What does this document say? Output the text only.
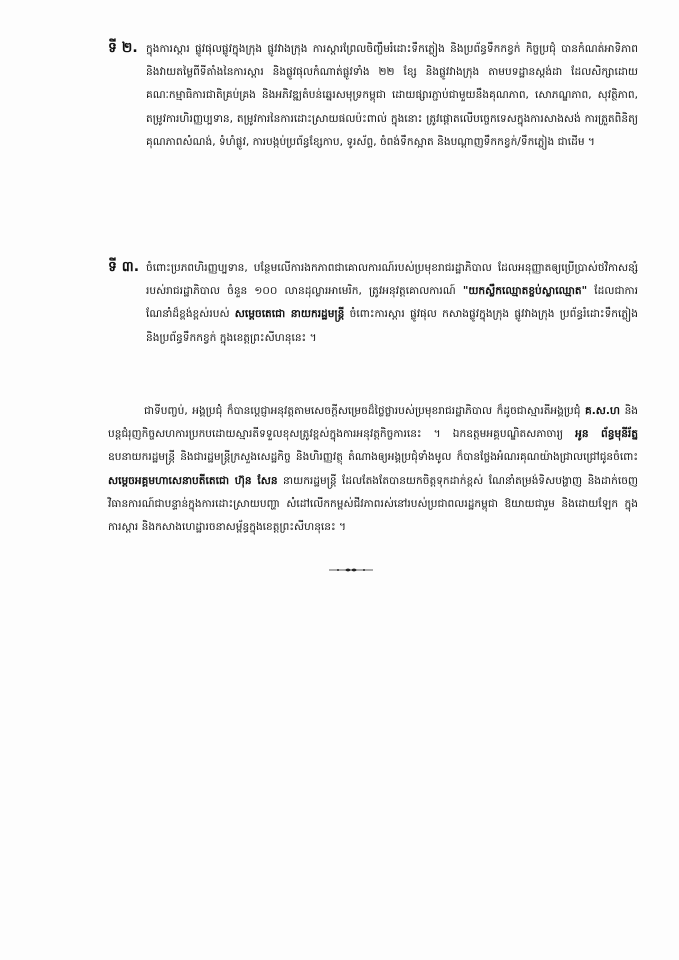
ទី ២. ក្នុងការស្តារ ផ្លូវផុលផ្លូវក្នុងក្រុង ផ្លូវវាងក្រុង ការស្តារព្រែលចិញ្ចឹមរំដោះទឹកភ្លៀង និងប្រព័ន្ធទឹកកខ្វក់ កិច្ចប្រជុំ បានកំណត់អាទិភាព និងវាយតម្លៃពីទីតាំងនៃការស្តារ និងផ្លូវផុលកំណាត់ផ្លូវទាំង ២២ ខ្សែ និងផ្លូវវាងក្រុង តាមបទដ្ឋានស្តង់ដា ដែលសិក្សាដោយគណៈកម្មាធិការជាតិគ្រប់គ្រង និងអភិវឌ្ឍតំបន់ឆ្នេរសមុទ្រកម្ពុជា ដោយផ្សារភ្ជាប់ជាមួយនឹងគុណភាព, សោភណ្ឌភាព, សុវត្ថិភាព, តម្រូវការហិរញ្ញប្បទាន, តម្រូវការនៃការដោះស្រាយផលប៉ះពាល់ ក្នុងនោះ ត្រូវផ្តោតលើបច្ចេកទេសក្នុងការសាងសង់ ការត្រួតពិនិត្យគុណភាពសំណង់, ទំហំផ្លូវ, ការបង្កប់ប្រព័ន្ធខ្សែកាប, ទូរស័ព្ទ, ចំពង់ទឹកស្អាត និងបណ្តាញទឹកកខ្វក់/ទឹកភ្លៀង ជាដើម ។
ទី ៣. ចំពោះប្រភពហិរញ្ញប្បទាន, បន្ថែមលើការងកភាពជាគោលការណ៍របស់ប្រមុខរាជរដ្ឋាភិបាល ដែលអនុញ្ញាតឲ្យប្រើប្រាស់ថវិកាសន្សំរបស់រាជរដ្ឋាភិបាល ចំនួន ១០០ លានដុល្លារអាមេរិក, ត្រូវអនុវត្តគោលការណ៍ "យកស្លឹកឈ្មោតខ្ចប់ស្លាឈ្មោត" ដែលជាការណែនាំដ៏ខ្ពង់ខ្ពស់របស់ សម្តេចតេជោ នាយករដ្ឋមន្ត្រី ចំពោះការស្តារ ផ្លូវផុល កសាងផ្លូវក្នុងក្រុង ផ្លូវវាងក្រុង ប្រព័ន្ធរំដោះទឹកភ្លៀង និងប្រព័ន្ធទឹកកខ្វក់ ក្នុងខេត្តព្រះសីហនុនេះ ។
ជាទីបញ្ចប់, អង្គប្រជុំ ក៏បានប្តេជ្ញាអនុវត្តតាមសេចក្តីសម្រេចដ៏ថ្លៃថ្លារបស់ប្រមុខរាជរដ្ឋាភិបាល ក៏ដូចជាស្មារតីអង្គប្រជុំ គ.ស.ហ និងបន្តជំរុញកិច្ចសហការប្រកបដោយស្មារតីទទួលខុសត្រូវខ្ពស់ក្នុងការអនុវត្តកិច្ចការនេះ ។ ឯកឧត្តមអគ្គបណ្ឌិតសភាចារ្យ អូន ព័ន្ធមុនីរ័ត្ន ឧបនាយករដ្ឋមន្ត្រី និងជារដ្ឋមន្ត្រីក្រសួងសេដ្ឋកិច្ច និងហិរញ្ញវត្ថុ តំណាងឲ្យអង្គប្រជុំទាំងមូល ក៏បានថ្លែងអំណរគុណយ៉ាងជ្រាលជ្រៅជូនចំពោះ សម្តេចអគ្គមហាសេនាបតីតេជោ ហ៊ុន សែន នាយករដ្ឋមន្ត្រី ដែលតែងតែបានយកចិត្តទុកដាក់ខ្ពស់ ណែនាំតម្រង់ទិសបង្ហាញ និងដាក់ចេញវិធានការណ៍ជាបន្ទាន់ក្នុងការដោះស្រាយបញ្ហា សំដៅលើកកម្ពស់ជីវភាពរស់នៅរបស់ប្រជាពលរដ្ឋកម្ពុជា ឱយាយជារួម និងដោយឡែក ក្នុងការស្តារ និងកសាងហេដ្ឋារចនាសម្ព័ន្ធក្នុងខេត្តព្រះសីហនុនេះ ។
